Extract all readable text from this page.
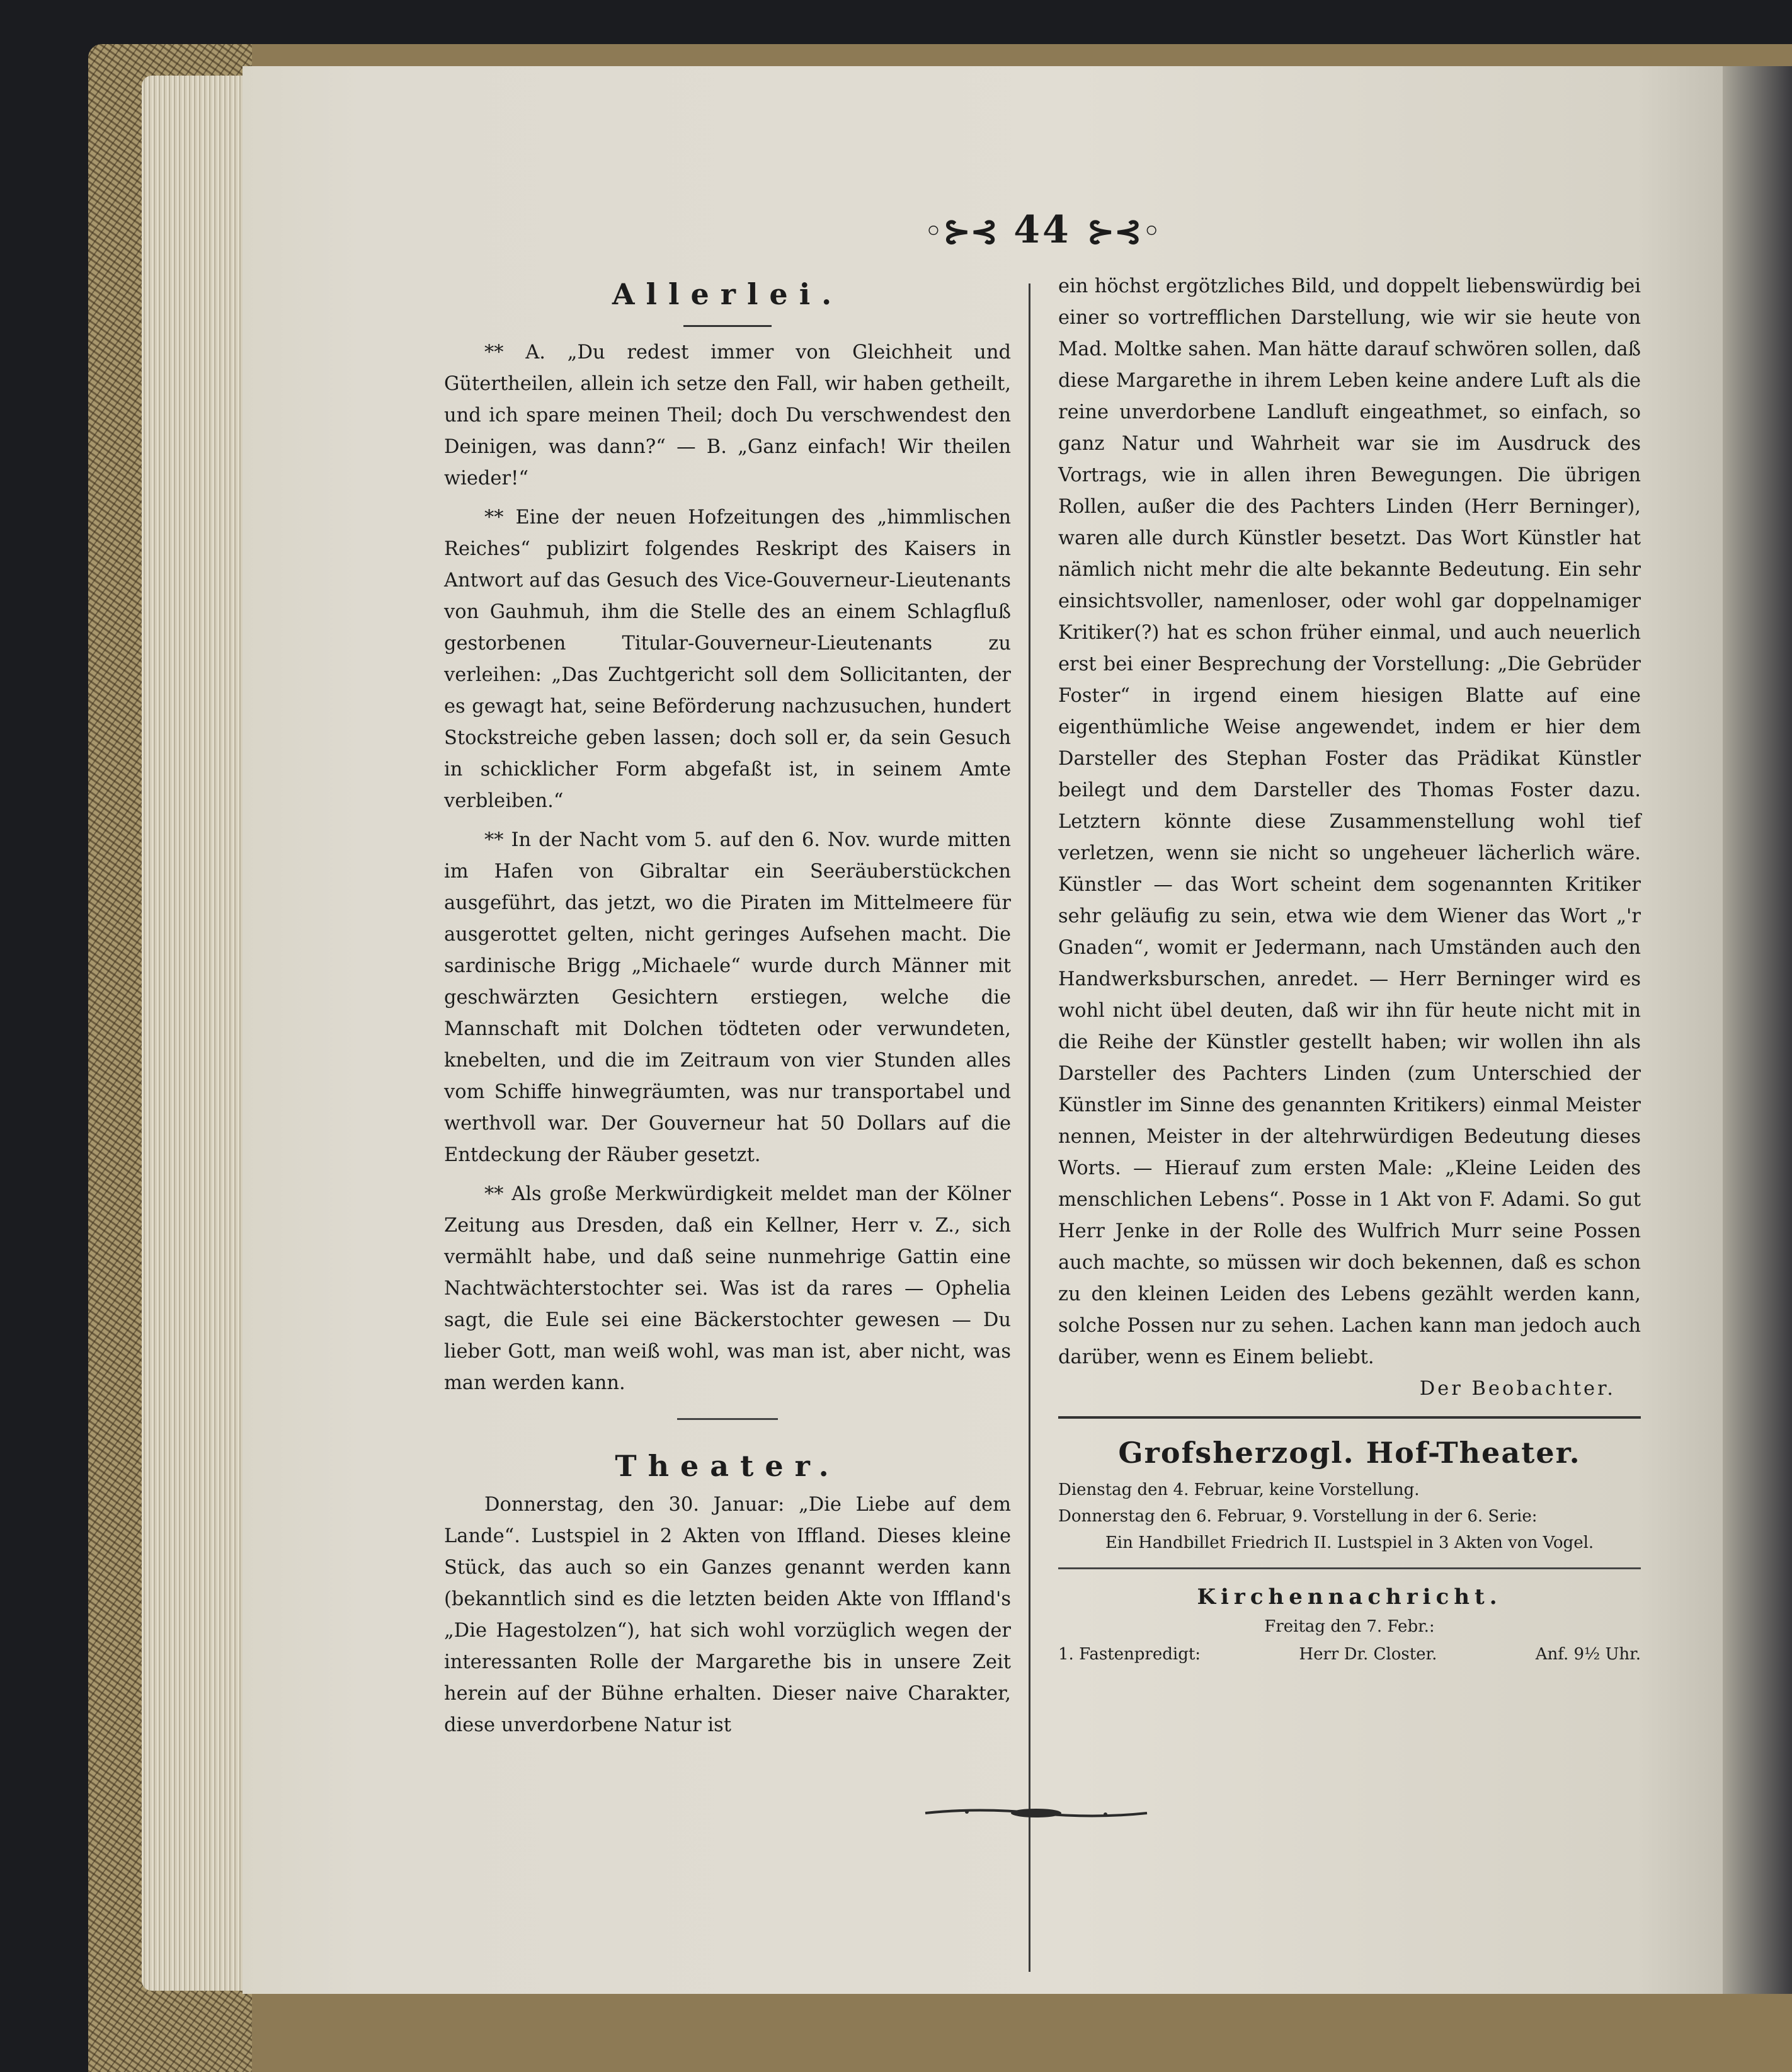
◦⊱⊰ 44 ⊱⊰◦
Allerlei.

** A. „Du redest immer von Gleichheit und Gütertheilen, allein ich setze den Fall, wir haben getheilt, und ich spare meinen Theil; doch Du verschwendest den Deinigen, was dann?“ — B. „Ganz einfach! Wir theilen wieder!“

** Eine der neuen Hofzeitungen des „himmlischen Reiches“ publizirt folgendes Reskript des Kaisers in Antwort auf das Gesuch des Vice-Gouverneur-Lieutenants von Gauhmuh, ihm die Stelle des an einem Schlagfluß gestorbenen Titular-Gouverneur-Lieutenants zu verleihen: „Das Zuchtgericht soll dem Sollicitanten, der es gewagt hat, seine Beförderung nachzusuchen, hundert Stockstreiche geben lassen; doch soll er, da sein Gesuch in schicklicher Form abgefaßt ist, in seinem Amte verbleiben.“

** In der Nacht vom 5. auf den 6. Nov. wurde mitten im Hafen von Gibraltar ein Seeräuberstückchen ausgeführt, das jetzt, wo die Piraten im Mittelmeere für ausgerottet gelten, nicht geringes Aufsehen macht. Die sardinische Brigg „Michaele“ wurde durch Männer mit geschwärzten Gesichtern erstiegen, welche die Mannschaft mit Dolchen tödteten oder verwundeten, knebelten, und die im Zeitraum von vier Stunden alles vom Schiffe hinwegräumten, was nur transportabel und werthvoll war. Der Gouverneur hat 50 Dollars auf die Entdeckung der Räuber gesetzt.

** Als große Merkwürdigkeit meldet man der Kölner Zeitung aus Dresden, daß ein Kellner, Herr v. Z., sich vermählt habe, und daß seine nunmehrige Gattin eine Nachtwächterstochter sei. Was ist da rares — Ophelia sagt, die Eule sei eine Bäckerstochter gewesen — Du lieber Gott, man weiß wohl, was man ist, aber nicht, was man werden kann.

Theater.

Donnerstag, den 30. Januar: „Die Liebe auf dem Lande“. Lustspiel in 2 Akten von Iffland. Dieses kleine Stück, das auch so ein Ganzes genannt werden kann (bekanntlich sind es die letzten beiden Akte von Iffland's „Die Hagestolzen“), hat sich wohl vorzüglich wegen der interessanten Rolle der Margarethe bis in unsere Zeit herein auf der Bühne erhalten. Dieser naive Charakter, diese unverdorbene Natur ist

ein höchst ergötzliches Bild, und doppelt liebenswürdig bei einer so vortrefflichen Darstellung, wie wir sie heute von Mad. Moltke sahen. Man hätte darauf schwören sollen, daß diese Margarethe in ihrem Leben keine andere Luft als die reine unverdorbene Landluft eingeathmet, so einfach, so ganz Natur und Wahrheit war sie im Ausdruck des Vortrags, wie in allen ihren Bewegungen. Die übrigen Rollen, außer die des Pachters Linden (Herr Berninger), waren alle durch Künstler besetzt. Das Wort Künstler hat nämlich nicht mehr die alte bekannte Bedeutung. Ein sehr einsichtsvoller, namenloser, oder wohl gar doppelnamiger Kritiker(?) hat es schon früher einmal, und auch neuerlich erst bei einer Besprechung der Vorstellung: „Die Gebrüder Foster“ in irgend einem hiesigen Blatte auf eine eigenthümliche Weise angewendet, indem er hier dem Darsteller des Stephan Foster das Prädikat Künstler beilegt und dem Darsteller des Thomas Foster dazu. Letztern könnte diese Zusammenstellung wohl tief verletzen, wenn sie nicht so ungeheuer lächerlich wäre. Künstler — das Wort scheint dem sogenannten Kritiker sehr geläufig zu sein, etwa wie dem Wiener das Wort „'r Gnaden“, womit er Jedermann, nach Umständen auch den Handwerksburschen, anredet. — Herr Berninger wird es wohl nicht übel deuten, daß wir ihn für heute nicht mit in die Reihe der Künstler gestellt haben; wir wollen ihn als Darsteller des Pachters Linden (zum Unterschied der Künstler im Sinne des genannten Kritikers) einmal Meister nennen, Meister in der altehrwürdigen Bedeutung dieses Worts. — Hierauf zum ersten Male: „Kleine Leiden des menschlichen Lebens“. Posse in 1 Akt von F. Adami. So gut Herr Jenke in der Rolle des Wulfrich Murr seine Possen auch machte, so müssen wir doch bekennen, daß es schon zu den kleinen Leiden des Lebens gezählt werden kann, solche Possen nur zu sehen. Lachen kann man jedoch auch darüber, wenn es Einem beliebt.

Der Beobachter.

Grofsherzogl. Hof-Theater.

Dienstag den 4. Februar, keine Vorstellung.

Donnerstag den 6. Februar, 9. Vorstellung in der 6. Serie:

Ein Handbillet Friedrich II. Lustspiel in 3 Akten von Vogel.

Kirchennachricht.

Freitag den 7. Febr.:

1. Fastenpredigt:	Herr Dr. Closter.	Anf. 9½ Uhr.
